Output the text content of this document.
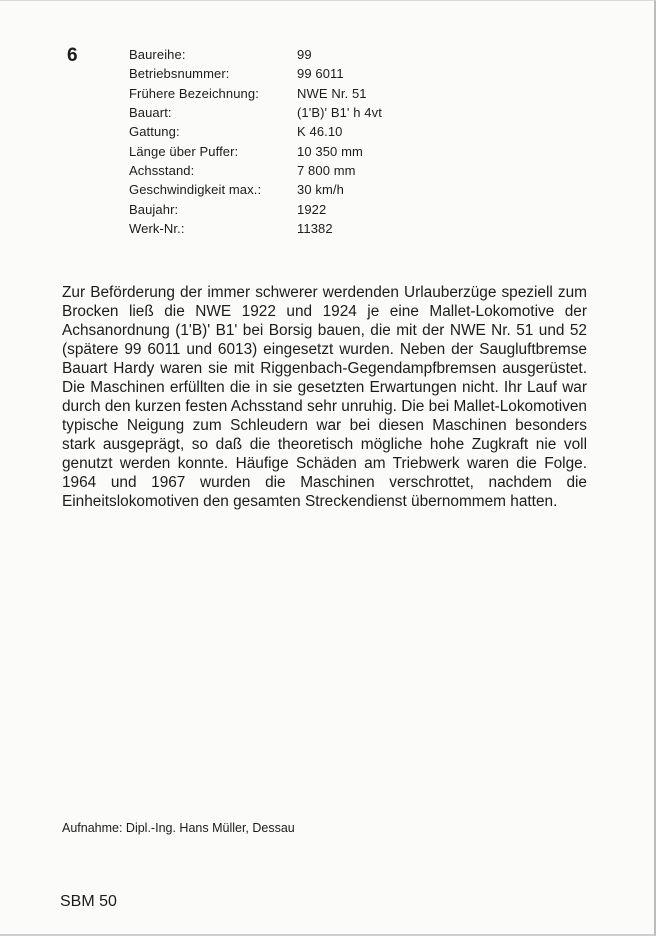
6	Baureihe:	99
Betriebsnummer:	99 6011
Frühere Bezeichnung:	NWE Nr. 51
Bauart:	(1'B)' B1' h 4vt
Gattung:	K 46.10
Länge über Puffer:	10 350 mm
Achsstand:	7 800 mm
Geschwindigkeit max.:	30 km/h
Baujahr:	1922
Werk-Nr.:	11382

Zur Beförderung der immer schwerer werdenden Urlauberzüge speziell zum Brocken ließ die NWE 1922 und 1924 je eine Mallet-Lokomotive der Achsanordnung (1'B)' B1' bei Borsig bauen, die mit der NWE Nr. 51 und 52 (spätere 99 6011 und 6013) eingesetzt wurden. Neben der Saugluftbremse Bauart Hardy waren sie mit Riggenbach-Gegendampfbremsen ausgerüstet. Die Maschinen erfüllten die in sie gesetzten Erwartungen nicht. Ihr Lauf war durch den kurzen festen Achsstand sehr unruhig. Die bei Mallet-Lokomotiven typische Neigung zum Schleudern war bei diesen Maschinen besonders stark ausgeprägt, so daß die theoretisch mögliche hohe Zugkraft nie voll genutzt werden konnte. Häufige Schäden am Triebwerk waren die Folge. 1964 und 1967 wurden die Maschinen verschrottet, nachdem die Einheitslokomotiven den gesamten Streckendienst übernommem hatten.

Aufnahme: Dipl.-Ing. Hans Müller, Dessau
SBM 50
